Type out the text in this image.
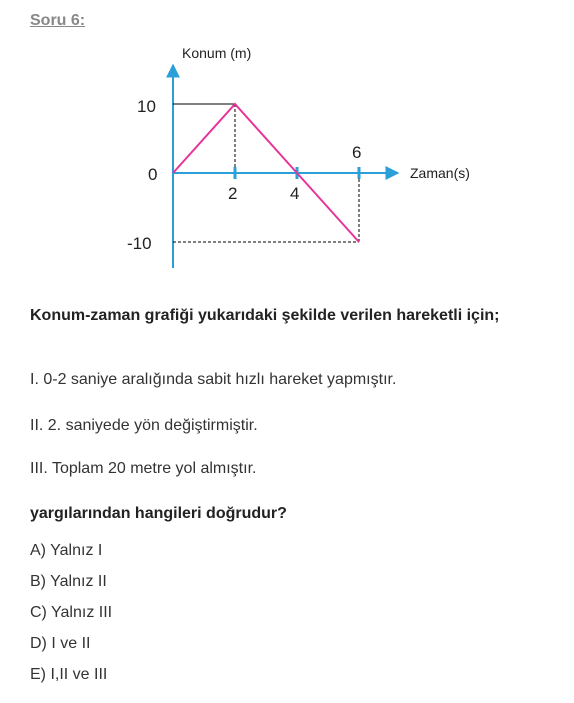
Soru 6:
Konum (m)
Zaman(s)
10
0
-10
2	4
6
Konum-zaman grafiği yukarıdaki şekilde verilen hareketli için;
I. 0-2 saniye aralığında sabit hızlı hareket yapmıştır.
II. 2. saniyede yön değiştirmiştir.
III. Toplam 20 metre yol almıştır.
yargılarından hangileri doğrudur?
A) Yalnız I
B) Yalnız II
C) Yalnız III
D) I ve II
E) I,II ve III
